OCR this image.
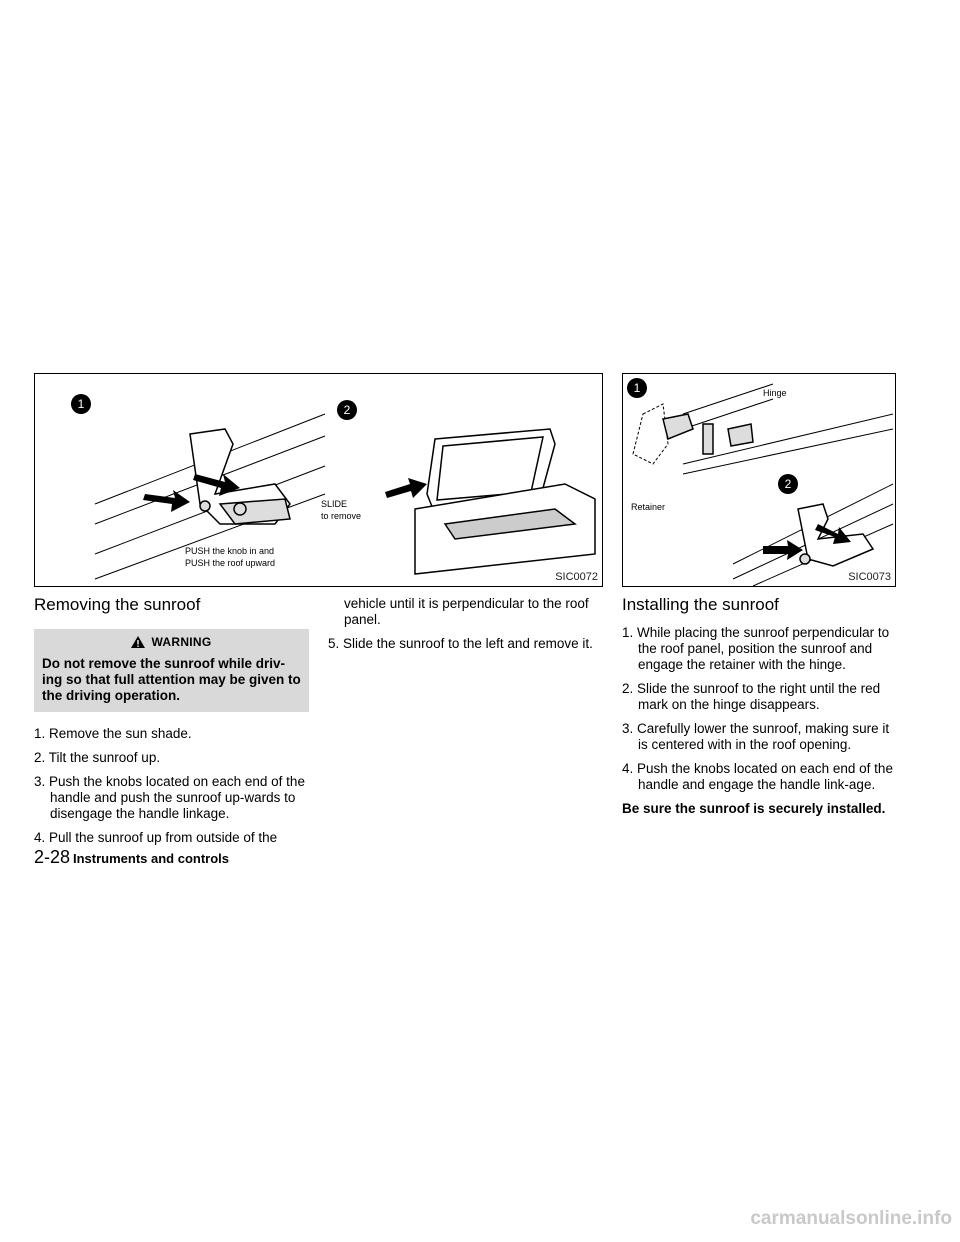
1
PUSH the knob in and
PUSH the roof upward
2
SLIDE
to remove
SIC0072
1	Hinge
Retainer
2
SIC0073
Removing the sunroof
WARNING
Do not remove the sunroof while driv-ing so that full attention may be given to the driving operation.

1. Remove the sun shade.

2. Tilt the sunroof up.

3. Push the knobs located on each end of the handle and push the sunroof up-wards to disengage the handle linkage.

4. Pull the sunroof up from outside of the

vehicle until it is perpendicular to the roof panel.

5. Slide the sunroof to the left and remove it.

Installing the sunroof

1. While placing the sunroof perpendicular to the roof panel, position the sunroof and engage the retainer with the hinge.

2. Slide the sunroof to the right until the red mark on the hinge disappears.

3. Carefully lower the sunroof, making sure it is centered with in the roof opening.

4. Push the knobs located on each end of the handle and engage the handle link-age.

Be sure the sunroof is securely installed.

2-28 Instruments and controls
carmanualsonline.info
